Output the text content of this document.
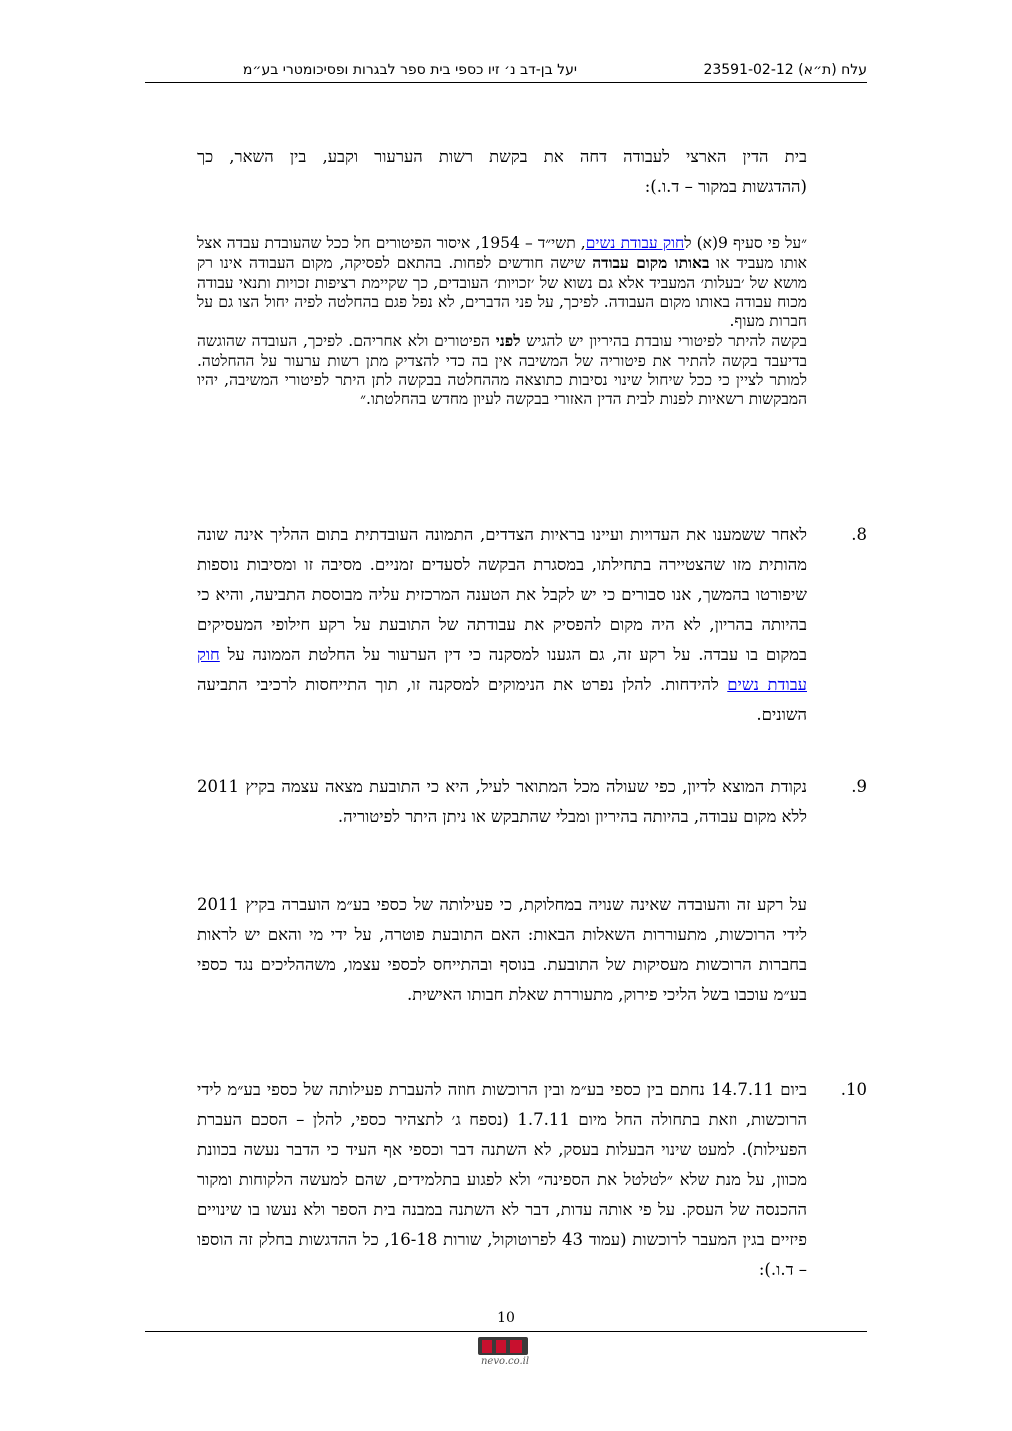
עלח (ת״א) 23591-02-12
יעל בן-דב נ׳ זיו כספי בית ספר לבגרות ופסיכומטרי בע״מ
בית הדין הארצי לעבודה דחה את בקשת רשות הערעור וקבע, בין השאר, כך
(ההדגשות במקור – ד.ו.):
״על פי סעיף 9(א) לחוק עבודת נשים, תשי״ד – 1954, איסור הפיטורים חל ככל שהעובדת עבדה אצל אותו מעביד או באותו מקום עבודה שישה חודשים לפחות. בהתאם לפסיקה, מקום העבודה אינו רק מושא של ׳בעלות׳ המעביד אלא גם נשוא של ׳זכויות׳ העובדים, כך שקיימת רציפות זכויות ותנאי עבודה מכוח עבודה באותו מקום העבודה. לפיכך, על פני הדברים, לא נפל פגם בהחלטה לפיה יחול הצו גם על חברות מעוף.
בקשה להיתר לפיטורי עובדת בהיריון יש להגיש לפני הפיטורים ולא אחריהם. לפיכך, העובדה שהוגשה בדיעבד בקשה להתיר את פיטוריה של המשיבה אין בה כדי להצדיק מתן רשות ערעור על ההחלטה. למותר לציין כי ככל שיחול שינוי נסיבות כתוצאה מההחלטה בבקשה לתן היתר לפיטורי המשיבה, יהיו המבקשות רשאיות לפנות לבית הדין האזורי בבקשה לעיון מחדש בהחלטתו.״
8.
לאחר ששמענו את העדויות ועיינו בראיות הצדדים, התמונה העובדתית בתום ההליך אינה שונה מהותית מזו שהצטיירה בתחילתו, במסגרת הבקשה לסעדים זמניים. מסיבה זו ומסיבות נוספות שיפורטו בהמשך, אנו סבורים כי יש לקבל את הטענה המרכזית עליה מבוססת התביעה, והיא כי בהיותה בהריון, לא היה מקום להפסיק את עבודתה של התובעת על רקע חילופי המעסיקים במקום בו עבדה. על רקע זה, גם הגענו למסקנה כי דין הערעור על החלטת הממונה על חוק עבודת נשים להידחות. להלן נפרט את הנימוקים למסקנה זו, תוך התייחסות לרכיבי התביעה השונים.
9.
נקודת המוצא לדיון, כפי שעולה מכל המתואר לעיל, היא כי התובעת מצאה עצמה בקיץ 2011 ללא מקום עבודה, בהיותה בהיריון ומבלי שהתבקש או ניתן היתר לפיטוריה.
על רקע זה והעובדה שאינה שנויה במחלוקת, כי פעילותה של כספי בע״מ הועברה בקיץ 2011 לידי הרוכשות, מתעוררות השאלות הבאות: האם התובעת פוטרה, על ידי מי והאם יש לראות בחברות הרוכשות מעסיקות של התובעת. בנוסף ובהתייחס לכספי עצמו, משההליכים נגד כספי בע״מ עוכבו בשל הליכי פירוק, מתעוררת שאלת חבותו האישית.
10.
ביום 14.7.11 נחתם בין כספי בע״מ ובין הרוכשות חוזה להעברת פעילותה של כספי בע״מ לידי הרוכשות, וזאת בתחולה החל מיום 1.7.11 (נספח ג׳ לתצהיר כספי, להלן – הסכם העברת הפעילות). למעט שינוי הבעלות בעסק, לא השתנה דבר וכספי אף העיד כי הדבר נעשה בכוונת מכוון, על מנת שלא ״לטלטל את הספינה״ ולא לפגוע בתלמידים, שהם למעשה הלקוחות ומקור ההכנסה של העסק. על פי אותה עדות, דבר לא השתנה במבנה בית הספר ולא נעשו בו שינויים פיזיים בגין המעבר לרוכשות (עמוד 43 לפרוטוקול, שורות 16-18, כל ההדגשות בחלק זה הוספו – ד.ו.):
10
nevo.co.il
